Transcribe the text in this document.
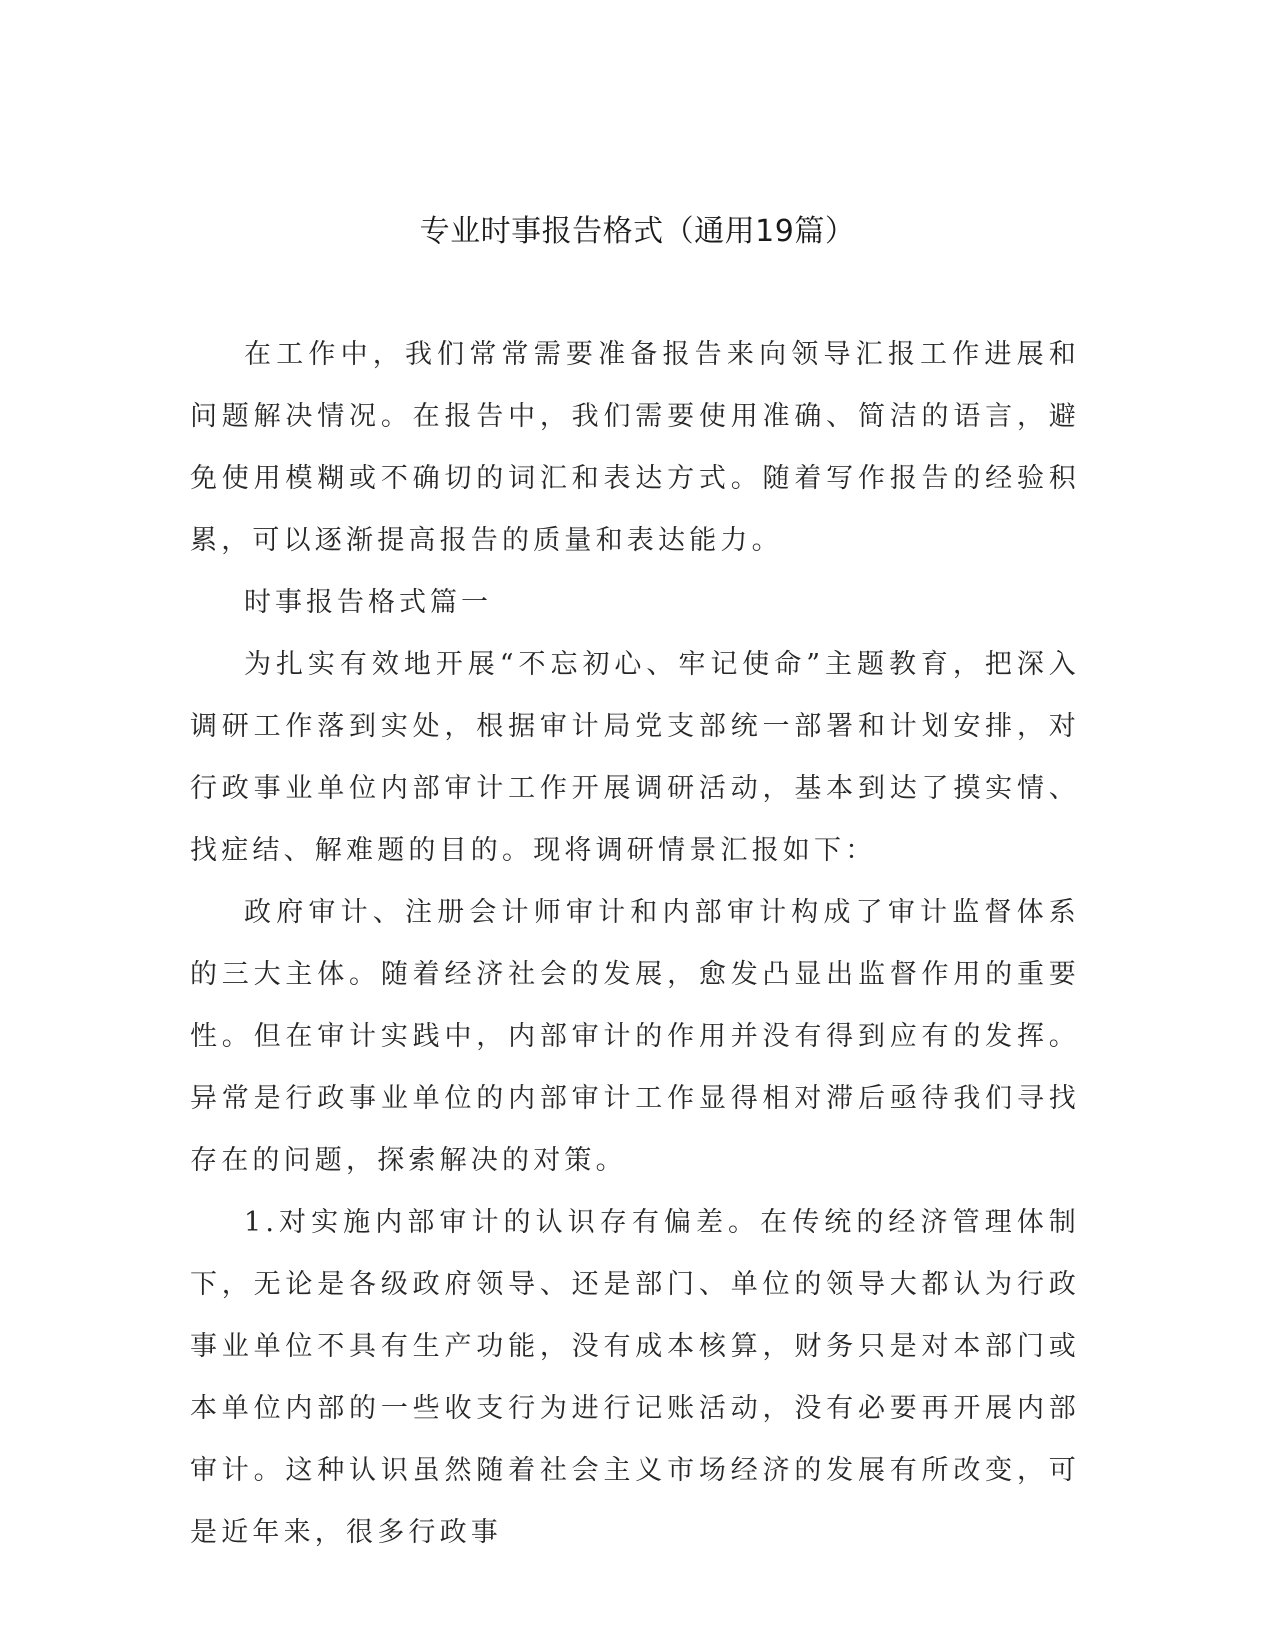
专业时事报告格式（通用19篇）

在工作中，我们常常需要准备报告来向领导汇报工作进展和问题解决情况。在报告中，我们需要使用准确、简洁的语言，避免使用模糊或不确切的词汇和表达方式。随着写作报告的经验积累，可以逐渐提高报告的质量和表达能力。

时事报告格式篇一

为扎实有效地开展“不忘初心、牢记使命”主题教育，把深入调研工作落到实处，根据审计局党支部统一部署和计划安排，对行政事业单位内部审计工作开展调研活动，基本到达了摸实情、找症结、解难题的目的。现将调研情景汇报如下：

政府审计、注册会计师审计和内部审计构成了审计监督体系的三大主体。随着经济社会的发展，愈发凸显出监督作用的重要性。但在审计实践中，内部审计的作用并没有得到应有的发挥。异常是行政事业单位的内部审计工作显得相对滞后亟待我们寻找存在的问题，探索解决的对策。

1.对实施内部审计的认识存有偏差。在传统的经济管理体制下，无论是各级政府领导、还是部门、单位的领导大都认为行政事业单位不具有生产功能，没有成本核算，财务只是对本部门或本单位内部的一些收支行为进行记账活动，没有必要再开展内部审计。这种认识虽然随着社会主义市场经济的发展有所改变，可是近年来，很多行政事
